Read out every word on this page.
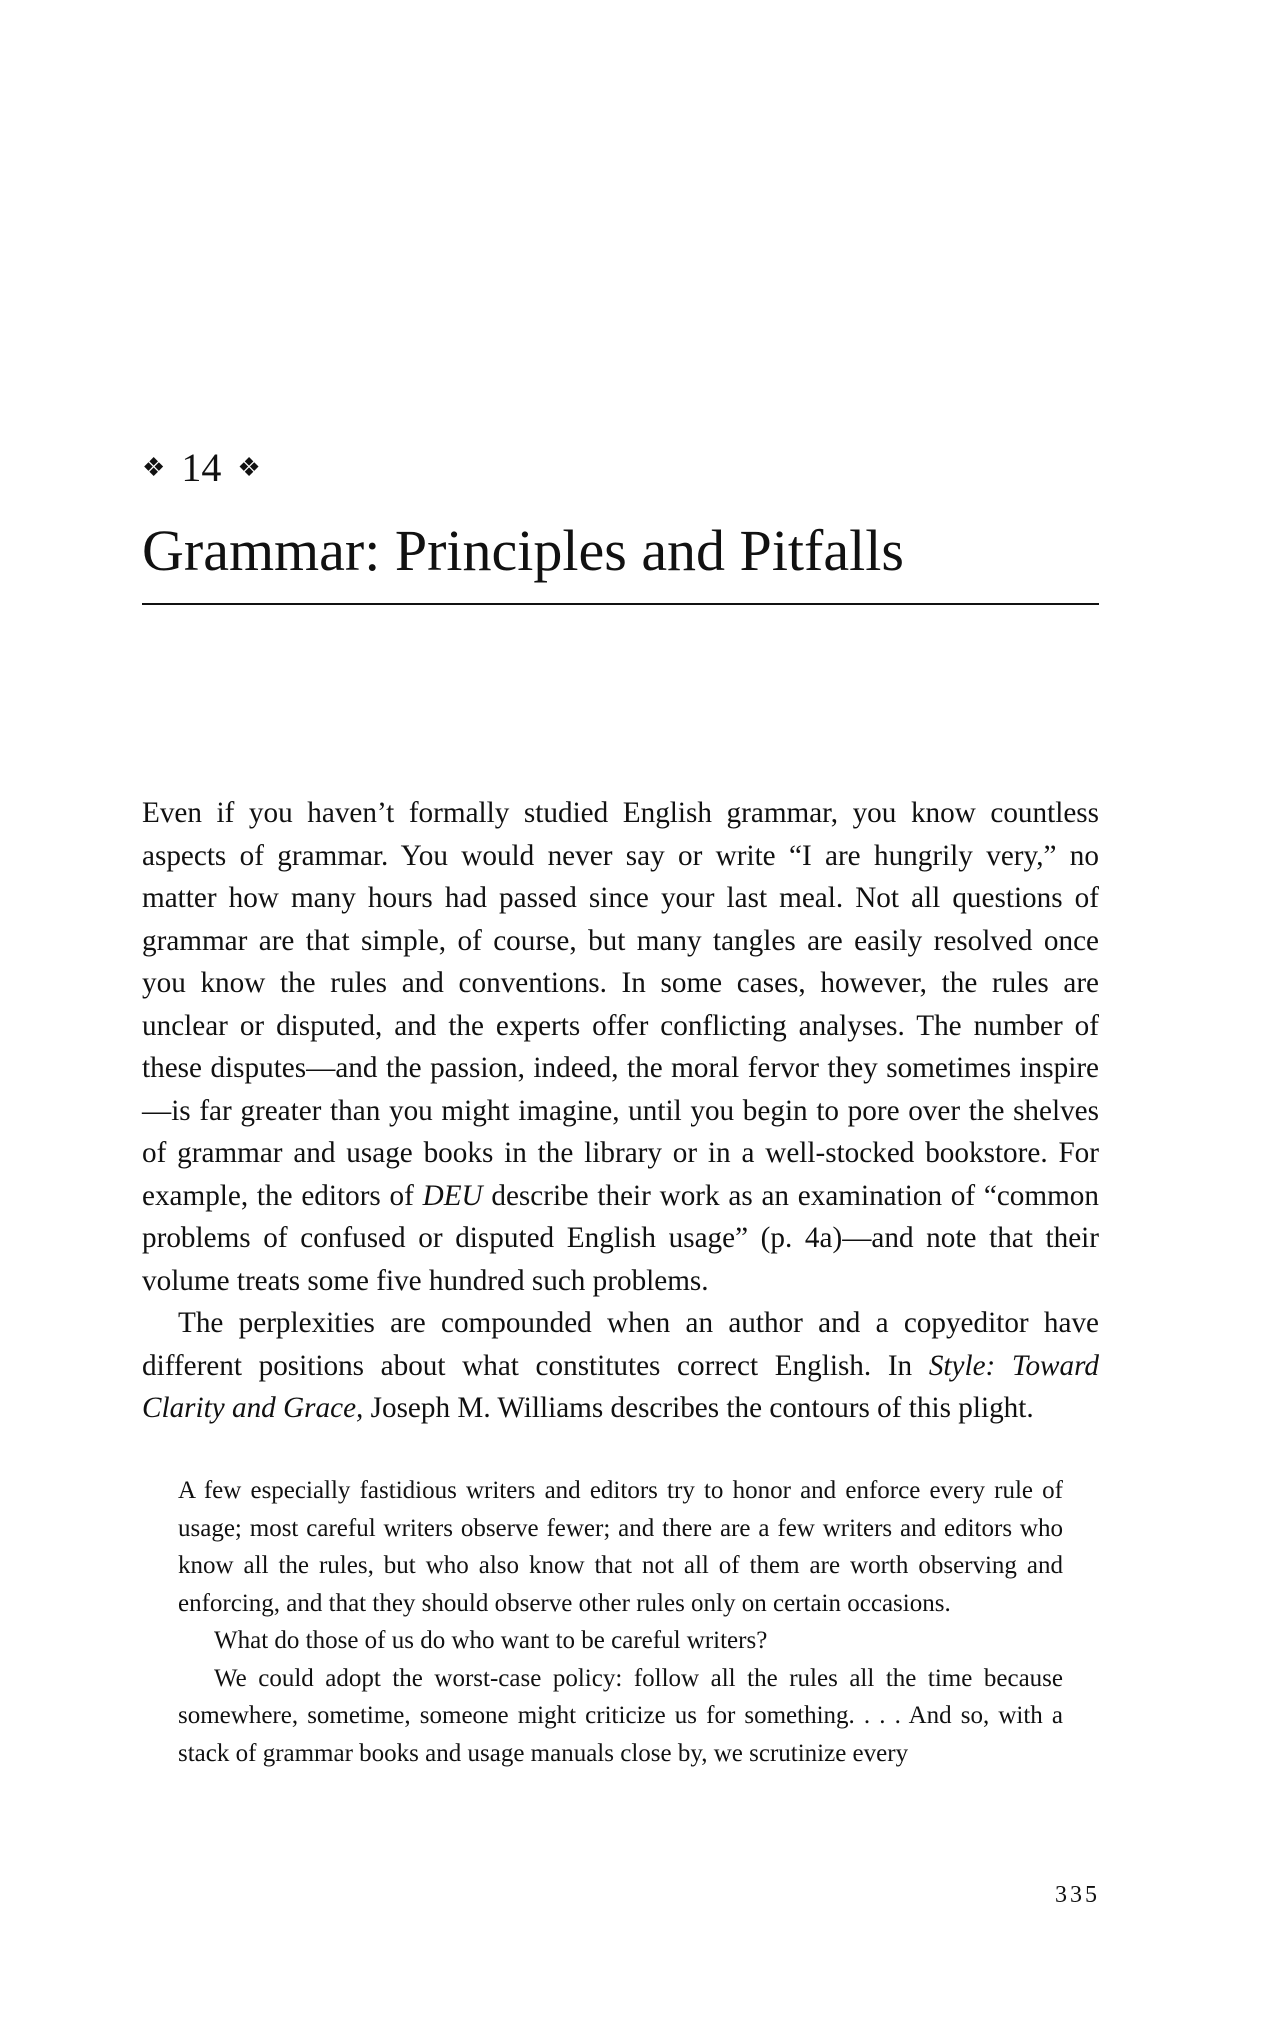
❖ 14 ❖
Grammar: Principles and Pitfalls

Even if you haven’t formally studied English grammar, you know countless aspects of grammar. You would never say or write “I are hungrily very,” no matter how many hours had passed since your last meal. Not all questions of grammar are that simple, of course, but many tangles are easily resolved once you know the rules and conventions. In some cases, however, the rules are unclear or disputed, and the experts offer conflicting analyses. The number of these disputes—and the passion, indeed, the moral fervor they sometimes inspire—is far greater than you might imagine, until you begin to pore over the shelves of grammar and usage books in the library or in a well-stocked bookstore. For example, the editors of DEU describe their work as an examination of “common problems of confused or disputed English usage” (p. 4a)—and note that their volume treats some five hundred such problems.

The perplexities are compounded when an author and a copyeditor have different positions about what constitutes correct English. In Style: Toward Clarity and Grace, Joseph M. Williams describes the contours of this plight.

A few especially fastidious writers and editors try to honor and enforce every rule of usage; most careful writers observe fewer; and there are a few writers and editors who know all the rules, but who also know that not all of them are worth observing and enforcing, and that they should observe other rules only on certain occasions.

What do those of us do who want to be careful writers?

We could adopt the worst-case policy: follow all the rules all the time because somewhere, sometime, someone might criticize us for something. . . . And so, with a stack of grammar books and usage manuals close by, we scrutinize every

335
